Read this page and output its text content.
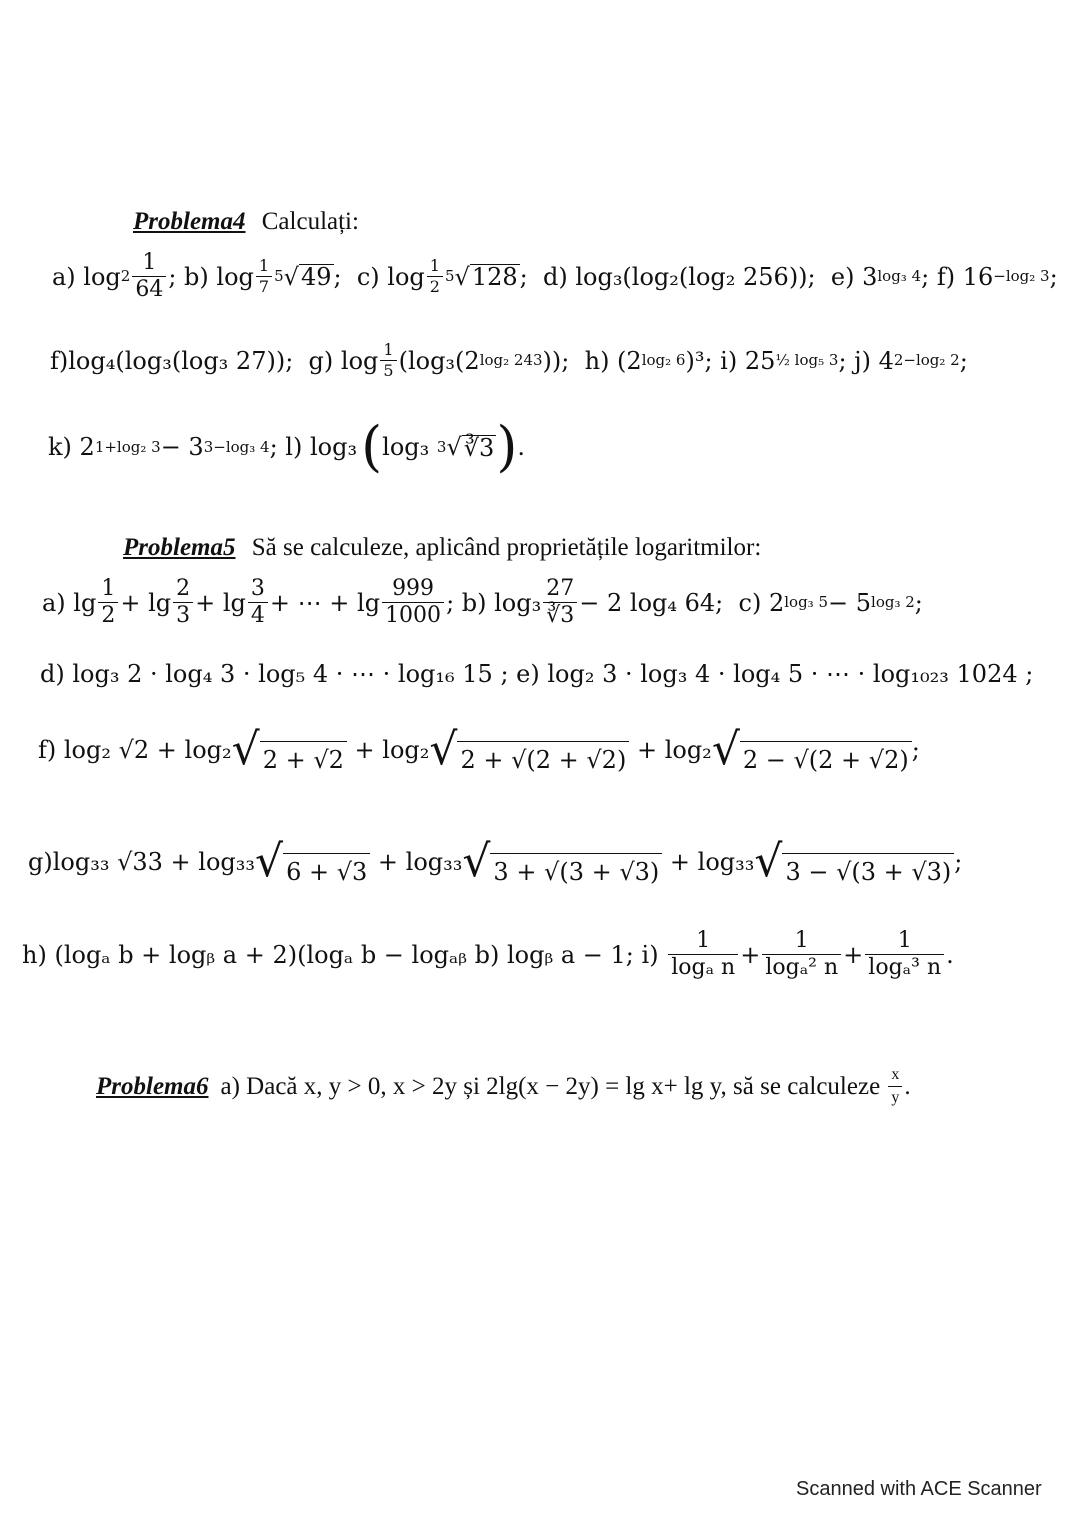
Problema4 Calculați:
a) $\log 2 \frac{1}{64}$ ; b) $\log \frac{1}{7} 5$ √ 49 ; c) $\log \frac{1}{2} 5$ √ 128 ; d) log₃(log₂(log₂ 256));
e) 3 log₃ 4 ; f) 16 −log₂ 3 ;
f)log₄(log₃(log₃ 27));
g) $\log \frac{1}{5} (\log_3(2$ log₂ 243 ));
h) (2 log₂ 6 )³; i) 25 ½ log₅ 3 ; j) 4 2−log₂ 2 ;
k) 2 1+log₂ 3 − 3 3−log₃ 4 ; l) log₃ ( log₃
3 √ ∛3 ) .
Problema5 Să se calculeze, aplicând proprietățile logaritmilor:
a) $\lg \frac{1}{2} + \lg \frac{2}{3} + \lg \frac{3}{4}$ + ⋯ + $\lg \frac{999}{1000}$ ; b) $\log_3 \frac{27}{∛3} - 2$ log₄ 64;
c) 2 log₃ 5 − 5 log₃ 2 ;
d) log₃ 2 · log₄ 3 · log₅ 4 · ⋯ · log₁₆ 15 ; e) log₂ 3 · log₃ 4 · log₄ 5 · ⋯ · log₁₀₂₃ 1024 ;
f) log₂ √2 + log₂ √ 2 + √2
+ log₂ √ 2 + √(2 + √2)
+ log₂ √ 2 − √(2 + √2) ;
g)log₃₃ √33 + log₃₃ √ 6 + √3
+ log₃₃ √ 3 + √(3 + √3)
+ log₃₃ √ 3 − √(3 + √3) ;
h) (logₐ b + logᵦ a + 2)(logₐ b − logₐᵦ b) logᵦ a − 1; i)
$\frac{1}{\text{logₐ n}} + \frac{1}{\text{logₐ² n}} + \frac{1}{\text{logₐ³ n}}$ .
Problema6 a) Dacă x, y > 0, x > 2y și 2lg(x − 2y) = lg x+ lg y, să se calculeze
$\frac{x}{y}$ .
Scanned with ACE Scanner
